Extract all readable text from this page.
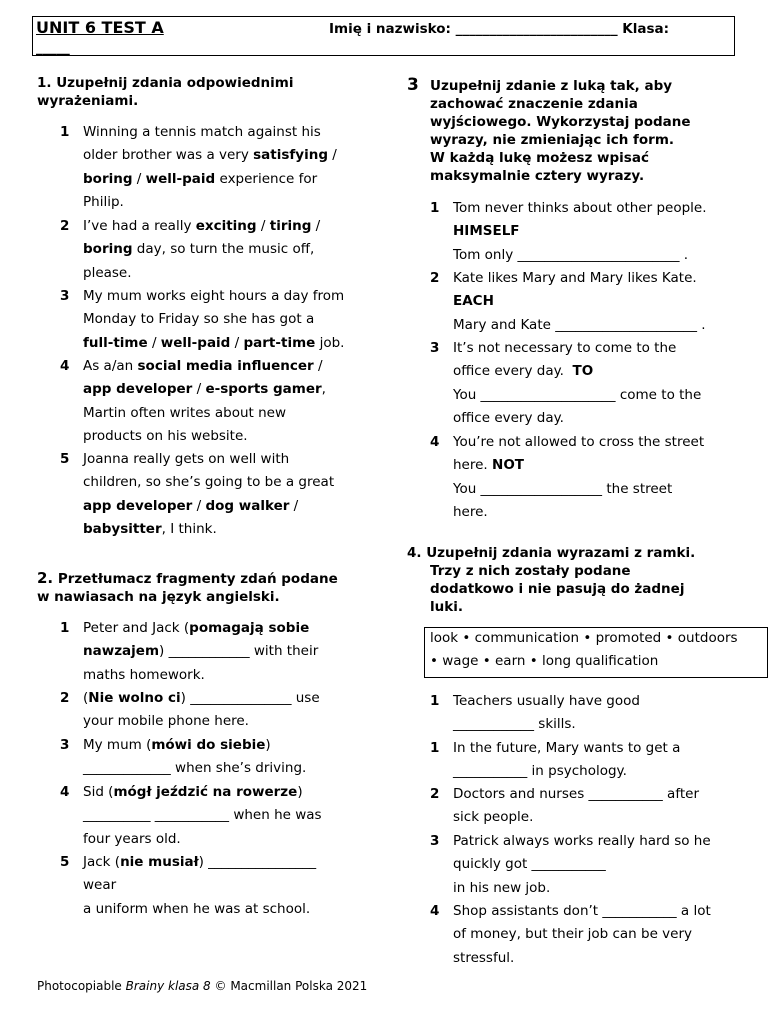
UNIT 6 TEST A	Imię i nazwisko: ________________________ Klasa:
_____
1. Uzupełnij zdania odpowiednimi wyrażeniami.
1 Winning a tennis match against his
older brother was a very satisfying /
boring / well-paid experience for
Philip.
2 I’ve had a really exciting / tiring /
boring day, so turn the music off,
please.
3 My mum works eight hours a day from
Monday to Friday so she has got a
full-time / well-paid / part-time job.
4 As a/an social media influencer /
app developer / e-sports gamer,
Martin often writes about new
products on his website.
5 Joanna really gets on well with
children, so she’s going to be a great
app developer / dog walker /
babysitter, I think.
2. Przetłumacz fragmenty zdań podane
w nawiasach na język angielski.
1 Peter and Jack (pomagają sobie
nawzajem) ____________ with their
maths homework.
2 (Nie wolno ci) _______________ use
your mobile phone here.
3 My mum (mówi do siebie)
_____________ when she’s driving.
4 Sid (mógł jeździć na rowerze)
__________ ___________ when he was
four years old.
5 Jack (nie musiał) ________________
wear
a uniform when he was at school.
3 Uzupełnij zdanie z luką tak, aby
zachować znaczenie zdania
wyjściowego. Wykorzystaj podane
wyrazy, nie zmieniając ich form.
W każdą lukę możesz wpisać
maksymalnie cztery wyrazy.
1 Tom never thinks about other people.
HIMSELF
Tom only ________________________ .
2 Kate likes Mary and Mary likes Kate.
EACH
Mary and Kate _____________________ .
3 It’s not necessary to come to the
office every day.  TO
You ____________________ come to the
office every day.
4 You’re not allowed to cross the street
here. NOT
You __________________ the street
here.
4. Uzupełnij zdania wyrazami z ramki.
Trzy z nich zostały podane
dodatkowo i nie pasują do żadnej
luki.
look • communication • promoted • outdoors
• wage • earn • long qualification
1 Teachers usually have good
____________ skills.
1 In the future, Mary wants to get a
___________ in psychology.
2 Doctors and nurses ___________ after
sick people.
3 Patrick always works really hard so he
quickly got ___________
in his new job.
4 Shop assistants don’t ___________ a lot
of money, but their job can be very
stressful.
Photocopiable Brainy klasa 8 © Macmillan Polska 2021
